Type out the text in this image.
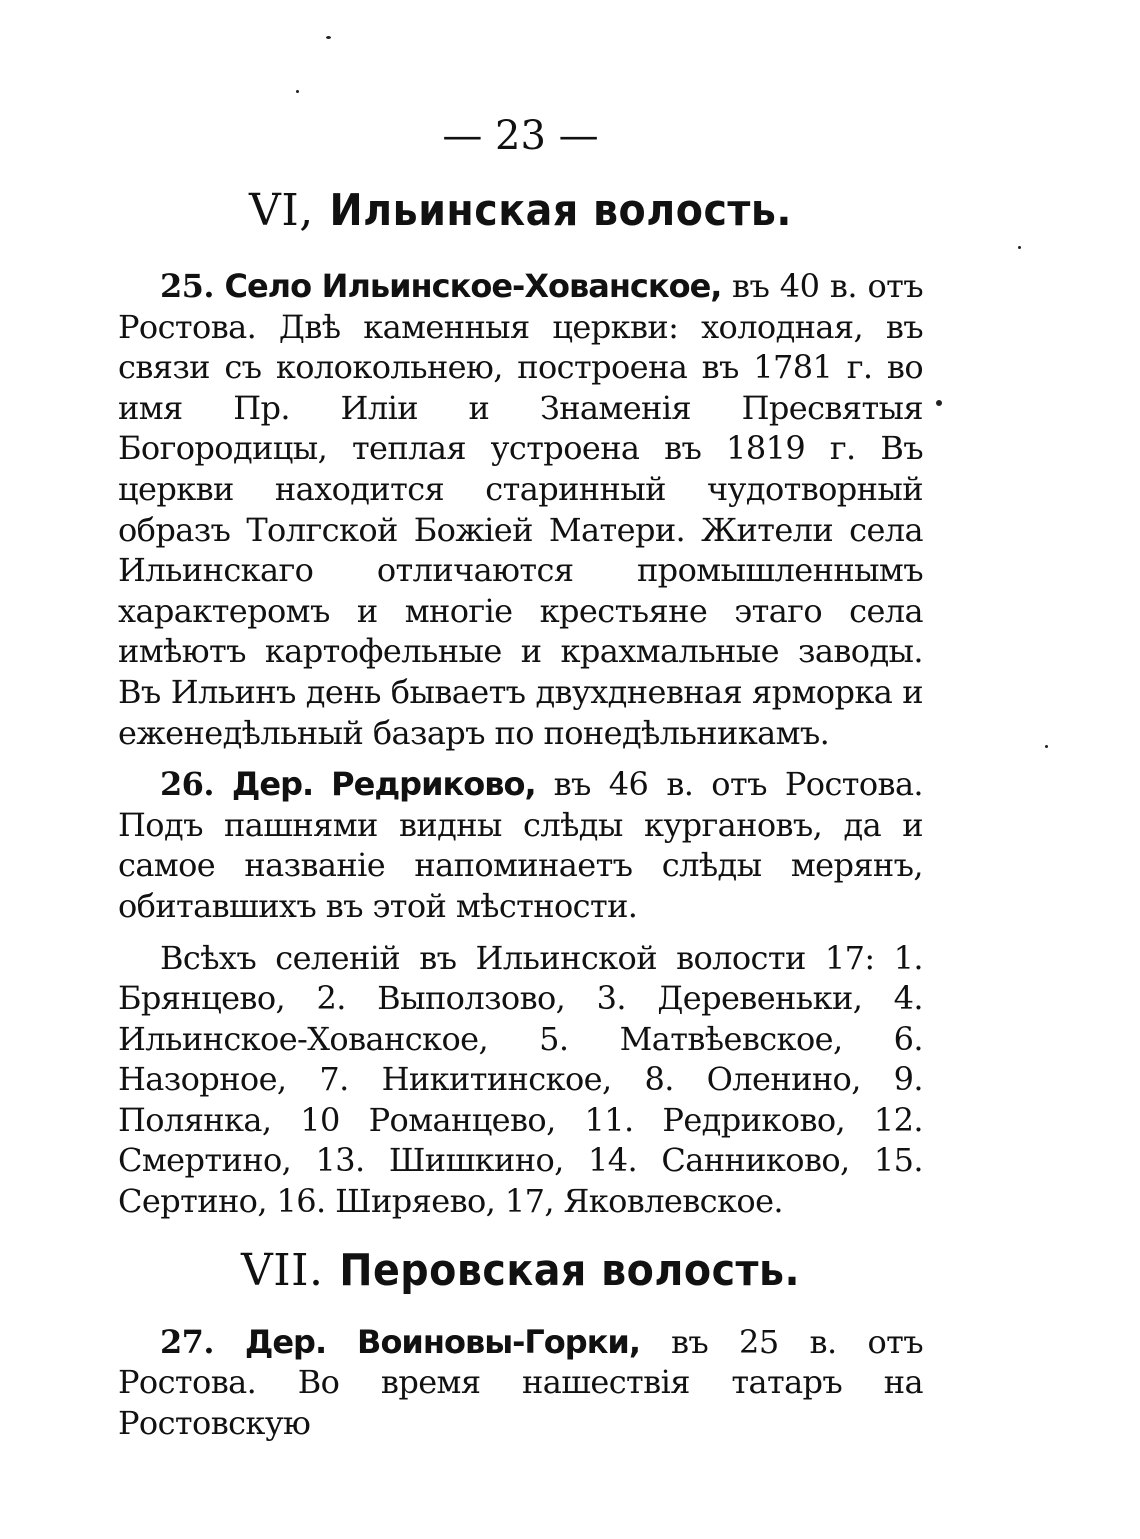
— 23 —
VI, Ильинская волость.

25. Село Ильинское-Хованское, въ 40 в. отъ Ростова. Двѣ каменныя церкви: холодная, въ связи съ колокольнею, построена въ 1781 г. во имя Пр. Иліи и Знаменія Пресвятыя Богородицы, теплая устроена въ 1819 г. Въ церкви находится старинный чудотворный образъ Толгской Божіей Матери. Жители села Ильинскаго отличаются промышленнымъ характеромъ и многіе крестьяне этаго села имѣютъ картофельные и крахмальные заводы. Въ Ильинъ день бываетъ двухдневная ярморка и еженедѣльный базаръ по понедѣльникамъ.

26. Дер. Редриково, въ 46 в. отъ Ростова. Подъ пашнями видны слѣды кургановъ, да и самое названіе напоминаетъ слѣды мерянъ, обитавшихъ въ этой мѣстности.

Всѣхъ селеній въ Ильинской волости 17: 1. Брянцево, 2. Выползово, 3. Деревеньки, 4. Ильинское-Хованское, 5. Матвѣевское, 6. Назорное, 7. Никитинское, 8. Оленино, 9. Полянка, 10 Романцево, 11. Редриково, 12. Смертино, 13. Шишкино, 14. Санниково, 15. Сертино, 16. Ширяево, 17, Яковлевское.

VII. Перовская волость.

27. Дер. Воиновы-Горки, въ 25 в. отъ Ростова. Во время нашествія татаръ на Ростовскую
